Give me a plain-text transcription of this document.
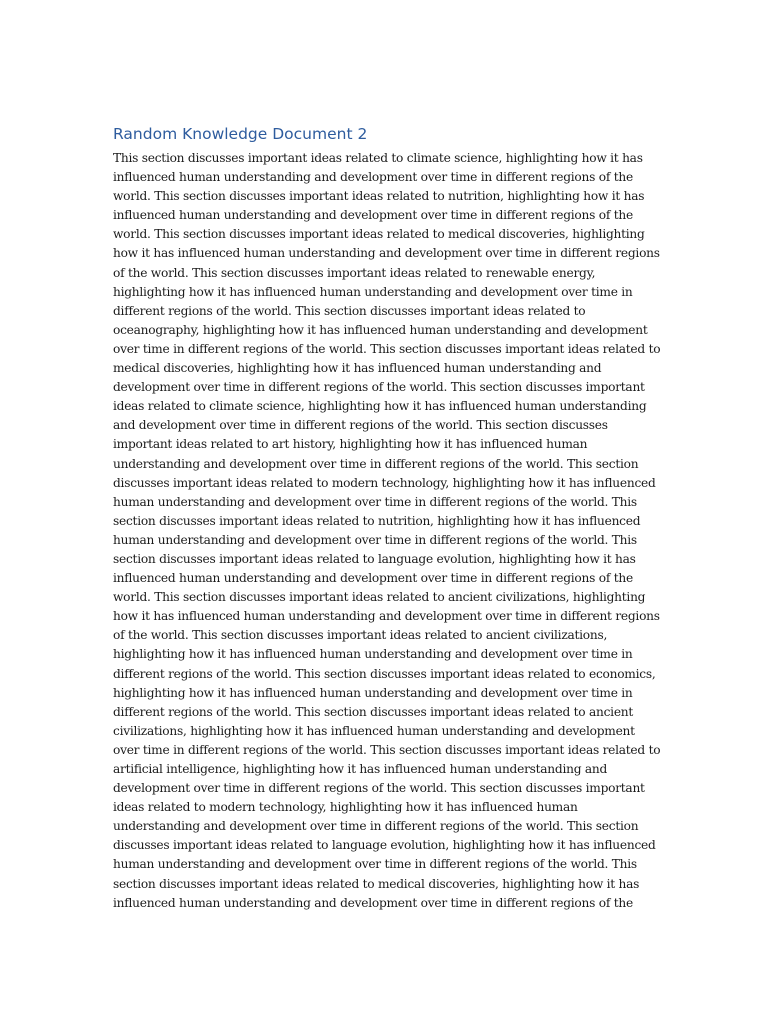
Random Knowledge Document 2
This section discusses important ideas related to climate science, highlighting how it has
influenced human understanding and development over time in different regions of the
world. This section discusses important ideas related to nutrition, highlighting how it has
influenced human understanding and development over time in different regions of the
world. This section discusses important ideas related to medical discoveries, highlighting
how it has influenced human understanding and development over time in different regions
of the world. This section discusses important ideas related to renewable energy,
highlighting how it has influenced human understanding and development over time in
different regions of the world. This section discusses important ideas related to
oceanography, highlighting how it has influenced human understanding and development
over time in different regions of the world. This section discusses important ideas related to
medical discoveries, highlighting how it has influenced human understanding and
development over time in different regions of the world. This section discusses important
ideas related to climate science, highlighting how it has influenced human understanding
and development over time in different regions of the world. This section discusses
important ideas related to art history, highlighting how it has influenced human
understanding and development over time in different regions of the world. This section
discusses important ideas related to modern technology, highlighting how it has influenced
human understanding and development over time in different regions of the world. This
section discusses important ideas related to nutrition, highlighting how it has influenced
human understanding and development over time in different regions of the world. This
section discusses important ideas related to language evolution, highlighting how it has
influenced human understanding and development over time in different regions of the
world. This section discusses important ideas related to ancient civilizations, highlighting
how it has influenced human understanding and development over time in different regions
of the world. This section discusses important ideas related to ancient civilizations,
highlighting how it has influenced human understanding and development over time in
different regions of the world. This section discusses important ideas related to economics,
highlighting how it has influenced human understanding and development over time in
different regions of the world. This section discusses important ideas related to ancient
civilizations, highlighting how it has influenced human understanding and development
over time in different regions of the world. This section discusses important ideas related to
artificial intelligence, highlighting how it has influenced human understanding and
development over time in different regions of the world. This section discusses important
ideas related to modern technology, highlighting how it has influenced human
understanding and development over time in different regions of the world. This section
discusses important ideas related to language evolution, highlighting how it has influenced
human understanding and development over time in different regions of the world. This
section discusses important ideas related to medical discoveries, highlighting how it has
influenced human understanding and development over time in different regions of the
